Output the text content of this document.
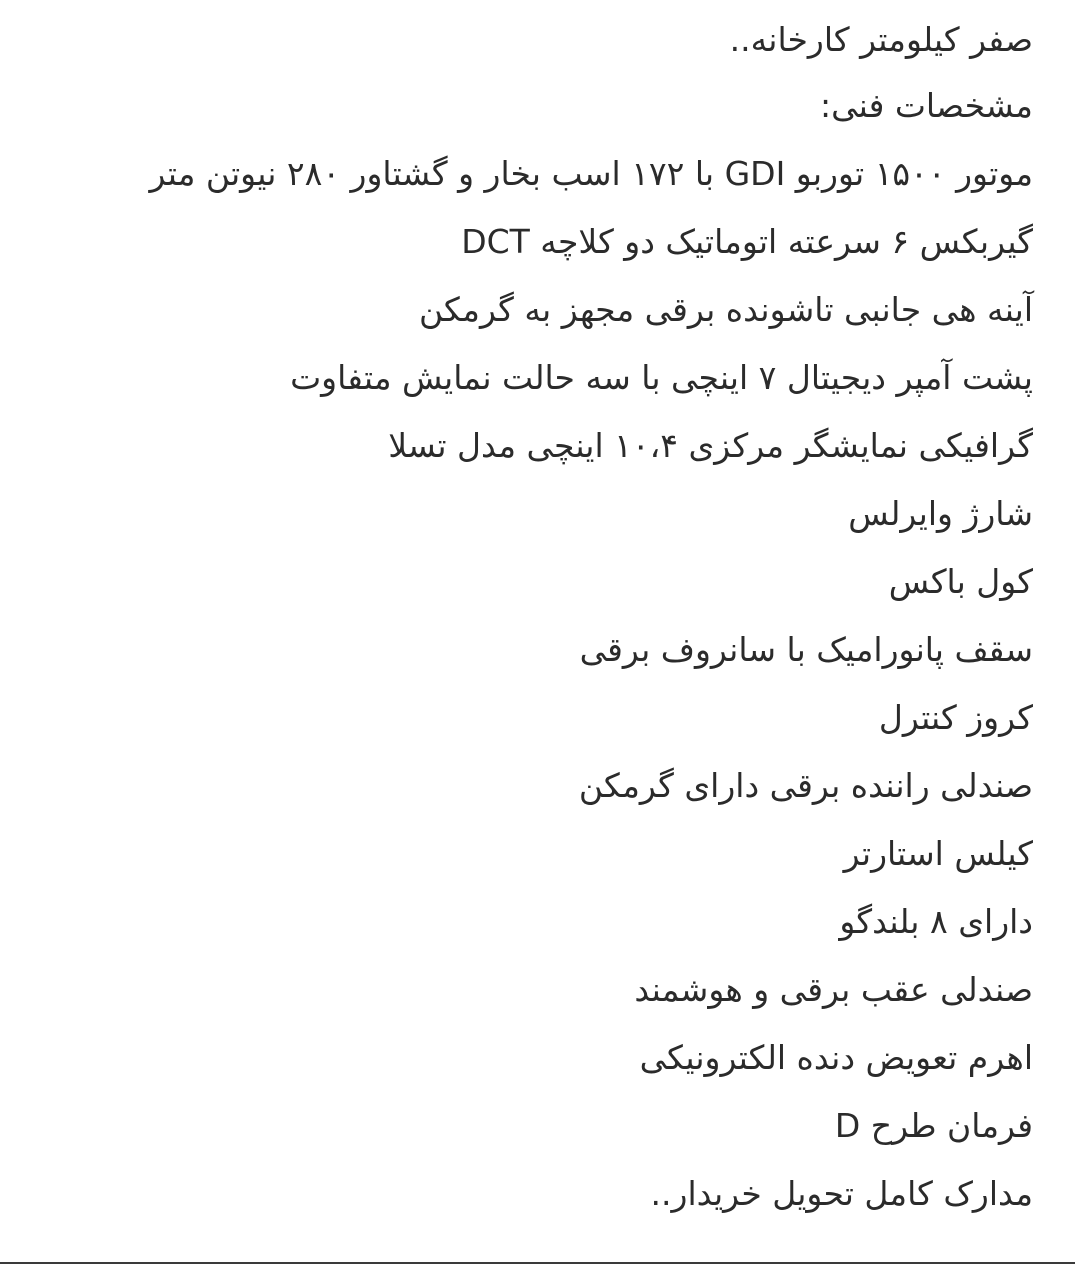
صفر کیلومتر کارخانه..
مشخصات فنی:
موتور ۱۵۰۰ توربو GDI با ۱۷۲ اسب بخار و گشتاور ۲۸۰ نیوتن متر
گیربکس ۶ سرعته اتوماتیک دو کلاچه DCT
آینه هی جانبی تاشونده برقی مجهز به گرمکن
پشت آمپر دیجیتال ۷ اینچی با سه حالت نمایش متفاوت
گرافیکی نمایشگر مرکزی ۱۰،۴ اینچی مدل تسلا
شارژ وایرلس
کول باکس
سقف پانورامیک با سانروف برقی
کروز کنترل
صندلی راننده برقی دارای گرمکن
کیلس استارتر
دارای ۸ بلندگو
صندلی عقب برقی و هوشمند
اهرم تعویض دنده الکترونیکی
فرمان طرح D
مدارک کامل تحویل خریدار..
